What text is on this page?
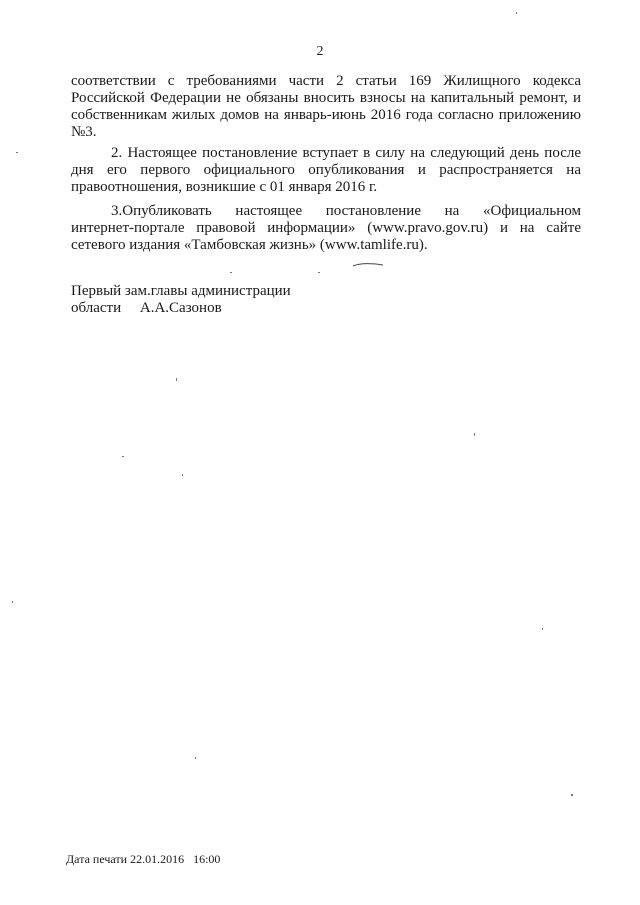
2

соответствии с требованиями части 2 статьи 169 Жилищного кодекса
Российской Федерации не обязаны вносить взносы на капитальный ремонт, и
собственникам жилых домов на январь-июнь 2016 года согласно приложению
№3.

2. Настоящее постановление вступает в силу на следующий день после
дня его первого официального опубликования и распространяется на
правоотношения, возникшие с 01 января 2016 г.

3.Опубликовать настоящее постановление на «Официальном
интернет-портале правовой информации» (www.pravo.gov.ru) и на сайте
сетевого издания «Тамбовская жизнь» (www.tamlife.ru).

Первый зам.главы администрации
области     А.А.Сазонов
Дата печати 22.01.2016   16:00
